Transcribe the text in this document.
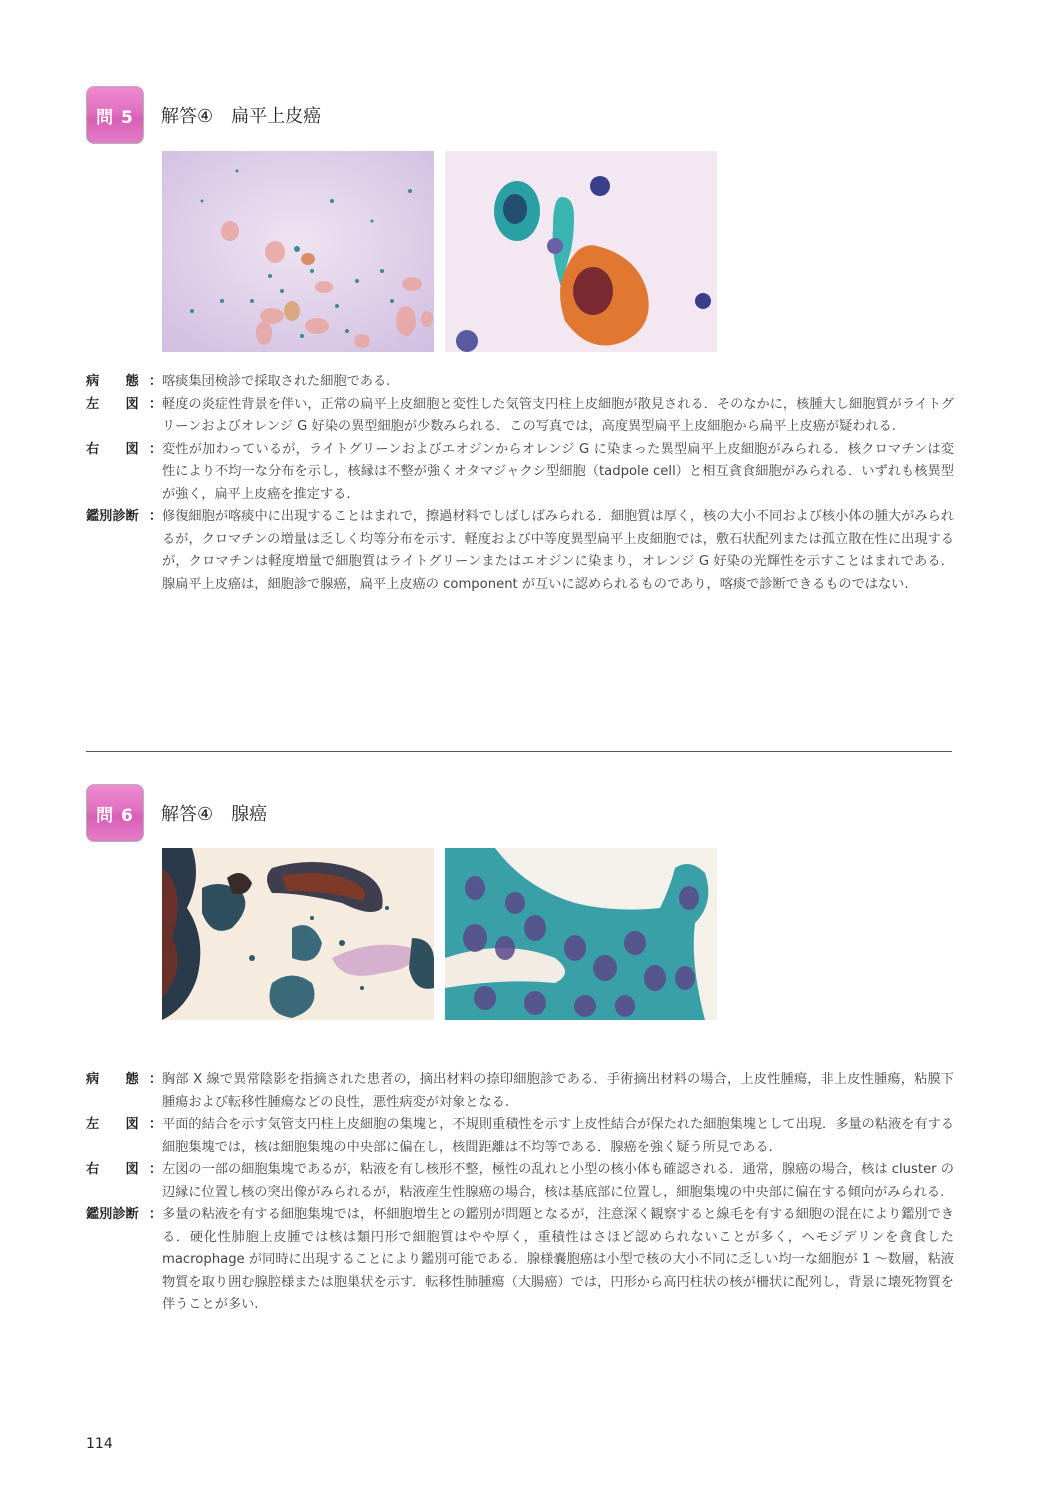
問 5 解答④　扁平上皮癌
病　　態 ： 喀痰集団検診で採取された細胞である.
左　　図 ： 軽度の炎症性背景を伴い，正常の扁平上皮細胞と変性した気管支円柱上皮細胞が散見される．そのなかに，核腫大し細胞質がライトグリーンおよびオレンジ G 好染の異型細胞が少数みられる．この写真では，高度異型扁平上皮細胞から扁平上皮癌が疑われる.
右　　図 ： 変性が加わっているが，ライトグリーンおよびエオジンからオレンジ G に染まった異型扁平上皮細胞がみられる．核クロマチンは変性により不均一な分布を示し，核縁は不整が強くオタマジャクシ型細胞（tadpole cell）と相互貪食細胞がみられる．いずれも核異型が強く，扁平上皮癌を推定する.
鑑別診断 ： 修復細胞が喀痰中に出現することはまれで，擦過材料でしばしばみられる．細胞質は厚く，核の大小不同および核小体の腫大がみられるが，クロマチンの増量は乏しく均等分布を示す．軽度および中等度異型扁平上皮細胞では，敷石状配列または孤立散在性に出現するが，クロマチンは軽度増量で細胞質はライトグリーンまたはエオジンに染まり，オレンジ G 好染の光輝性を示すことはまれである．腺扁平上皮癌は，細胞診で腺癌，扁平上皮癌の component が互いに認められるものであり，喀痰で診断できるものではない.
問 6 解答④　腺癌
病　　態 ： 胸部 X 線で異常陰影を指摘された患者の，摘出材料の捺印細胞診である．手術摘出材料の場合，上皮性腫瘍，非上皮性腫瘍，粘膜下腫瘍および転移性腫瘍などの良性，悪性病変が対象となる.
左　　図 ： 平面的結合を示す気管支円柱上皮細胞の集塊と，不規則重積性を示す上皮性結合が保たれた細胞集塊として出現．多量の粘液を有する細胞集塊では，核は細胞集塊の中央部に偏在し，核間距離は不均等である．腺癌を強く疑う所見である.
右　　図 ： 左図の一部の細胞集塊であるが，粘液を有し核形不整，極性の乱れと小型の核小体も確認される．通常，腺癌の場合，核は cluster の辺縁に位置し核の突出像がみられるが，粘液産生性腺癌の場合，核は基底部に位置し，細胞集塊の中央部に偏在する傾向がみられる.
鑑別診断 ： 多量の粘液を有する細胞集塊では，杯細胞増生との鑑別が問題となるが，注意深く観察すると線毛を有する細胞の混在により鑑別できる．硬化性肺胞上皮腫では核は類円形で細胞質はやや厚く，重積性はさほど認められないことが多く，ヘモジデリンを貪食した macrophage が同時に出現することにより鑑別可能である．腺様嚢胞癌は小型で核の大小不同に乏しい均一な細胞が 1 〜数層，粘液物質を取り囲む腺腔様または胞巣状を示す．転移性肺腫瘍（大腸癌）では，円形から高円柱状の核が柵状に配列し，背景に壊死物質を伴うことが多い.
114
